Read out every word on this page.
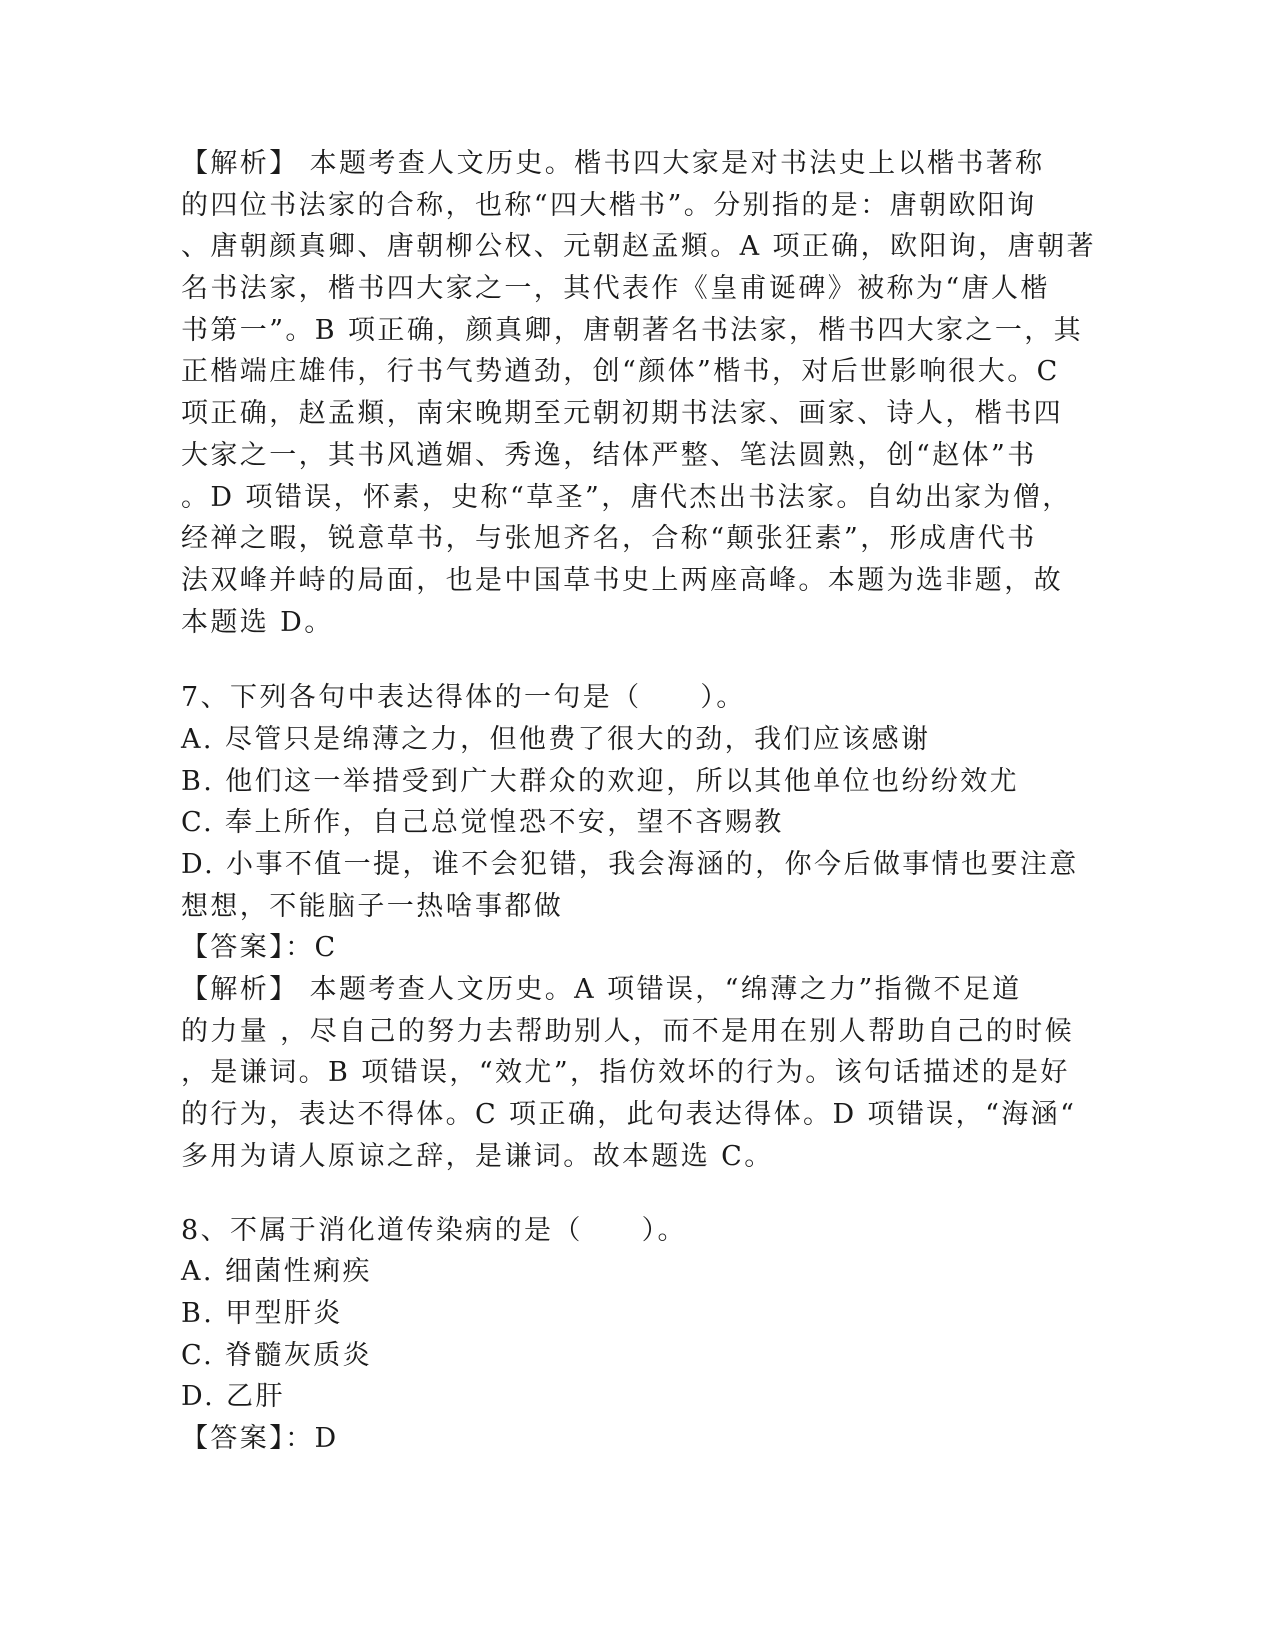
【解析】 本题考查人文历史。楷书四大家是对书法史上以楷书著称
的四位书法家的合称，也称“四大楷书”。分别指的是：唐朝欧阳询
、唐朝颜真卿、唐朝柳公权、元朝赵孟頫。A 项正确，欧阳询，唐朝著
名书法家，楷书四大家之一，其代表作《皇甫诞碑》被称为“唐人楷
书第一”。B 项正确，颜真卿，唐朝著名书法家，楷书四大家之一，其
正楷端庄雄伟，行书气势遒劲，创“颜体”楷书，对后世影响很大。C
项正确，赵孟頫，南宋晚期至元朝初期书法家、画家、诗人，楷书四
大家之一，其书风遒媚、秀逸，结体严整、笔法圆熟，创“赵体”书
。D 项错误，怀素，史称“草圣”，唐代杰出书法家。自幼出家为僧，
经禅之暇，锐意草书，与张旭齐名，合称“颠张狂素”，形成唐代书
法双峰并峙的局面，也是中国草书史上两座高峰。本题为选非题，故
本题选 D。
7、下列各句中表达得体的一句是（　　）。
A. 尽管只是绵薄之力，但他费了很大的劲，我们应该感谢
B. 他们这一举措受到广大群众的欢迎，所以其他单位也纷纷效尤
C. 奉上所作，自己总觉惶恐不安，望不吝赐教
D. 小事不值一提，谁不会犯错，我会海涵的，你今后做事情也要注意
想想，不能脑子一热啥事都做
【答案】：C
【解析】 本题考查人文历史。A 项错误，“绵薄之力”指微不足道
的力量 ，尽自己的努力去帮助别人，而不是用在别人帮助自己的时候
，是谦词。B 项错误，“效尤”，指仿效坏的行为。该句话描述的是好
的行为，表达不得体。C 项正确，此句表达得体。D 项错误，“海涵“
多用为请人原谅之辞，是谦词。故本题选 C。
8、不属于消化道传染病的是（　　）。
A. 细菌性痢疾
B. 甲型肝炎
C. 脊髓灰质炎
D. 乙肝
【答案】：D
